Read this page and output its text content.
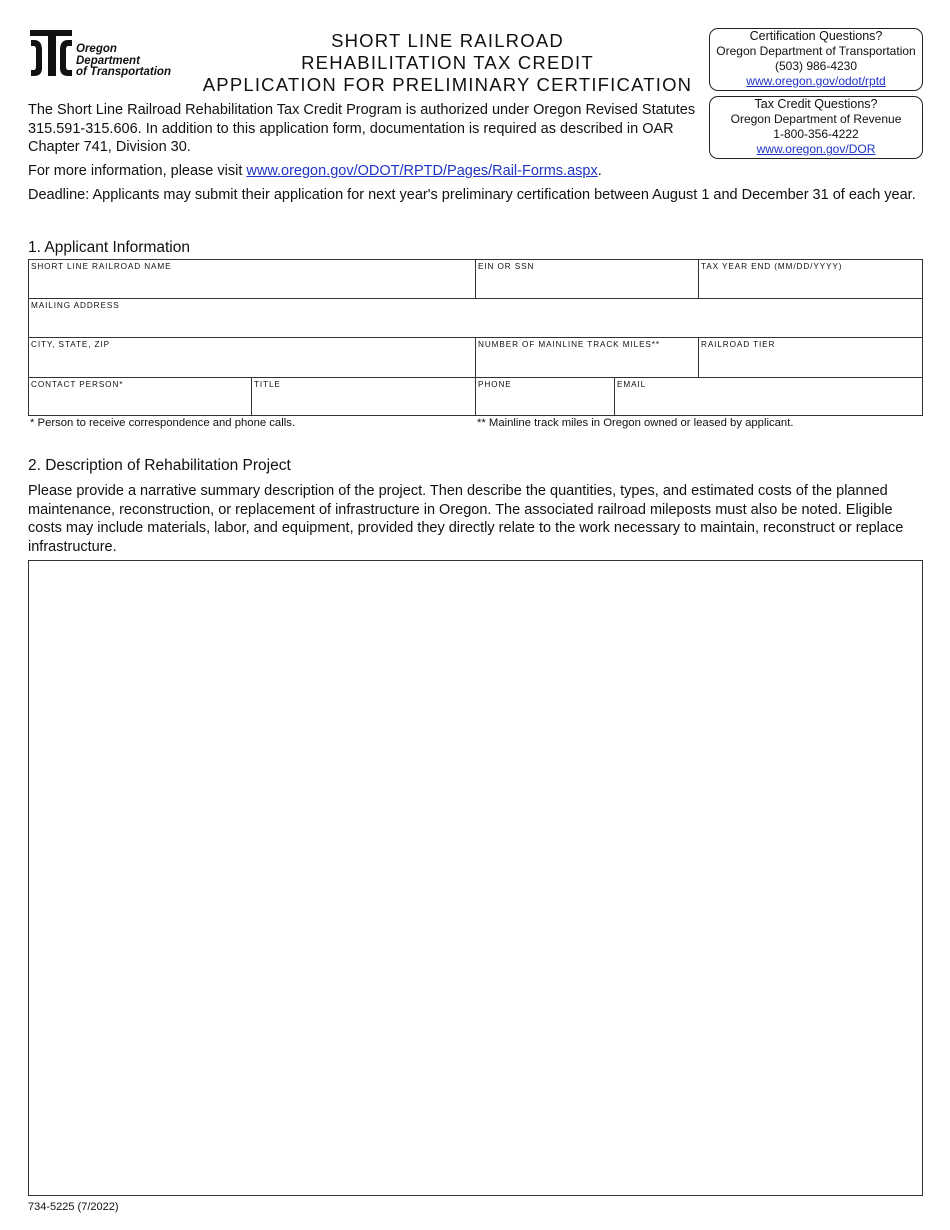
Oregon
Department
of Transportation
SHORT LINE RAILROAD
REHABILITATION TAX CREDIT
APPLICATION FOR PRELIMINARY CERTIFICATION
Certification Questions?
Oregon Department of Transportation
(503) 986-4230
www.oregon.gov/odot/rptd
Tax Credit Questions?
Oregon Department of Revenue
1-800-356-4222
www.oregon.gov/DOR
The Short Line Railroad Rehabilitation Tax Credit Program is authorized under Oregon Revised Statutes 315.591-315.606. In addition to this application form, documentation is required as described in OAR Chapter 741, Division 30.
For more information, please visit www.oregon.gov/ODOT/RPTD/Pages/Rail-Forms.aspx.
Deadline: Applicants may submit their application for next year's preliminary certification between August 1 and December 31 of each year.
1. Applicant Information
SHORT LINE RAILROAD NAME	EIN OR SSN	TAX YEAR END (MM/DD/YYYY)
MAILING ADDRESS
CITY, STATE, ZIP	NUMBER OF MAINLINE TRACK MILES**	RAILROAD TIER
CONTACT PERSON*	TITLE	PHONE	EMAIL
* Person to receive correspondence and phone calls.	** Mainline track miles in Oregon owned or leased by applicant.
2. Description of Rehabilitation Project
Please provide a narrative summary description of the project. Then describe the quantities, types, and estimated costs of the planned maintenance, reconstruction, or replacement of infrastructure in Oregon. The associated railroad mileposts must also be noted. Eligible costs may include materials, labor, and equipment, provided they directly relate to the work necessary to maintain, reconstruct or replace infrastructure.
734-5225 (7/2022)
